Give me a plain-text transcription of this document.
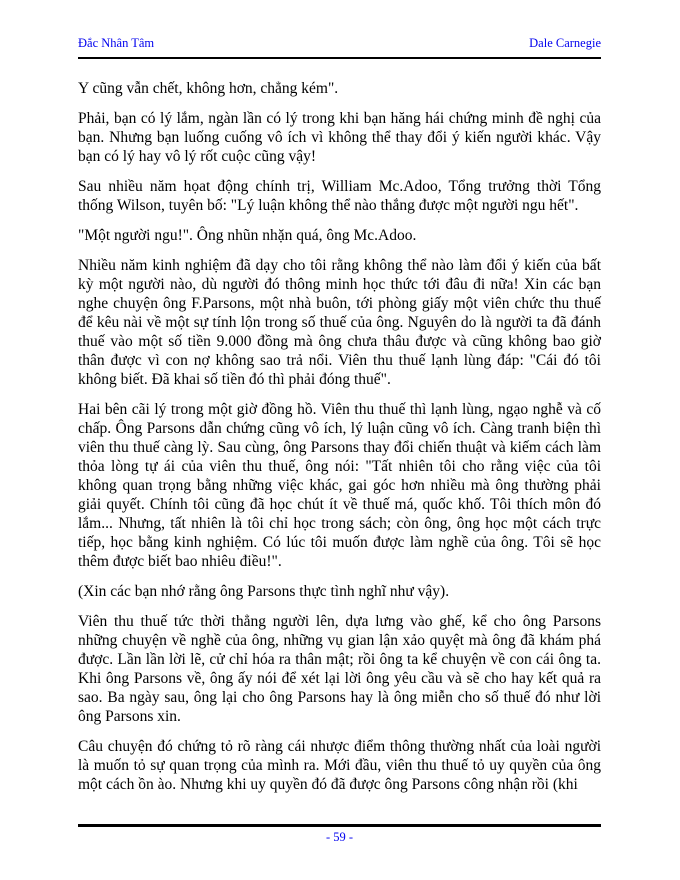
Đắc Nhân Tâm	Dale Carnegie

Y cũng vẫn chết, không hơn, chẳng kém".

Phải, bạn có lý lắm, ngàn lần có lý trong khi bạn hăng hái chứng minh đề nghị của bạn. Nhưng bạn luống cuống vô ích vì không thể thay đổi ý kiến người khác. Vậy bạn có lý hay vô lý rốt cuộc cũng vậy!

Sau nhiều năm họat động chính trị, William Mc.Adoo, Tổng trưởng thời Tổng thống Wilson, tuyên bố: "Lý luận không thể nào thắng được một người ngu hết".

"Một người ngu!". Ông nhũn nhặn quá, ông Mc.Adoo.

Nhiều năm kinh nghiệm đã dạy cho tôi rằng không thể nào làm đổi ý kiến của bất kỳ một người nào, dù người đó thông minh học thức tới đâu đi nữa! Xin các bạn nghe chuyện ông F.Parsons, một nhà buôn, tới phòng giấy một viên chức thu thuế để kêu nài về một sự tính lộn trong số thuế của ông. Nguyên do là người ta đã đánh thuế vào một số tiền 9.000 đồng mà ông chưa thâu được và cũng không bao giờ thân được vì con nợ không sao trả nổi. Viên thu thuế lạnh lùng đáp: "Cái đó tôi không biết. Đã khai số tiền đó thì phải đóng thuế".

Hai bên cãi lý trong một giờ đồng hồ. Viên thu thuế thì lạnh lùng, ngạo nghễ và cố chấp. Ông Parsons dẫn chứng cũng vô ích, lý luận cũng vô ích. Càng tranh biện thì viên thu thuế càng lỳ. Sau cùng, ông Parsons thay đổi chiến thuật và kiếm cách làm thỏa lòng tự ái của viên thu thuế, ông nói: "Tất nhiên tôi cho rằng việc của tôi không quan trọng bằng những việc khác, gai góc hơn nhiều mà ông thường phải giải quyết. Chính tôi cũng đã học chút ít về thuế má, quốc khố. Tôi thích môn đó lắm... Nhưng, tất nhiên là tôi chỉ học trong sách; còn ông, ông học một cách trực tiếp, học bằng kinh nghiệm. Có lúc tôi muốn được làm nghề của ông. Tôi sẽ học thêm được biết bao nhiêu điều!".

(Xin các bạn nhớ rằng ông Parsons thực tình nghĩ như vậy).

Viên thu thuế tức thời thẳng người lên, dựa lưng vào ghế, kể cho ông Parsons những chuyện về nghề của ông, những vụ gian lận xảo quyệt mà ông đã khám phá được. Lần lần lời lẽ, cử chỉ hóa ra thân mật; rồi ông ta kể chuyện về con cái ông ta. Khi ông Parsons về, ông ấy nói để xét lại lời ông yêu cầu và sẽ cho hay kết quả ra sao. Ba ngày sau, ông lại cho ông Parsons hay là ông miễn cho số thuế đó như lời ông Parsons xin.

Câu chuyện đó chứng tỏ rõ ràng cái nhược điểm thông thường nhất của loài người là muốn tỏ sự quan trọng của mình ra. Mới đầu, viên thu thuế tỏ uy quyền của ông một cách ồn ào. Nhưng khi uy quyền đó đã được ông Parsons công nhận rồi (khi

- 59 -
